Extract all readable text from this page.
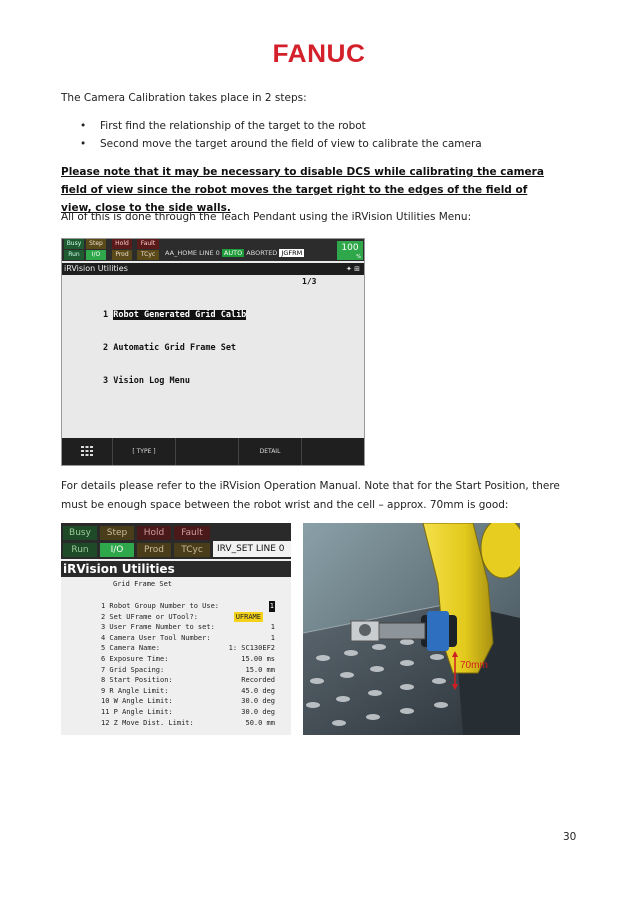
FANUC
The Camera Calibration takes place in 2 steps:
• First find the relationship of the target to the robot
• Second move the target around the field of view to calibrate the camera
Please note that it may be necessary to disable DCS while calibrating the camera field of view since the robot moves the target right to the edges of the field of view, close to the side walls.
All of this is done through the Teach Pendant using the iRVision Utilities Menu:
Busy	Step	Hold	Fault
Run	I/O	Prod	TCyc	AA_HOME LINE 0 AUTO ABORTED JGFRM	100
%
iRVision Utilities	✦ ⊞
1/3

1 Robot Generated Grid Calib

2 Automatic Grid Frame Set

3 Vision Log Menu

[ TYPE ]	DETAIL
For details please refer to the iRVision Operation Manual. Note that for the Start Position, there must be enough space between the robot wrist and the cell – approx. 70mm is good:
Busy	Step	Hold	Fault
Run	I/O	Prod	TCyc	IRV_SET LINE 0
iRVision Utilities
Grid Frame Set
1 Robot Group Number to Use:	1
2 Set UFrame or UTool?:	UFRAME
3 User Frame Number to set:	1
4 Camera User Tool Number:	1
5 Camera Name:	1: SC130EF2
6 Exposure Time:	15.00 ms
7 Grid Spacing:	15.0 mm
8 Start Position:	Recorded
9 R Angle Limit:	45.0 deg
10 W Angle Limit:	30.0 deg
11 P Angle Limit:	30.0 deg
12 Z Move Dist. Limit:	50.0 mm
70mm
30
